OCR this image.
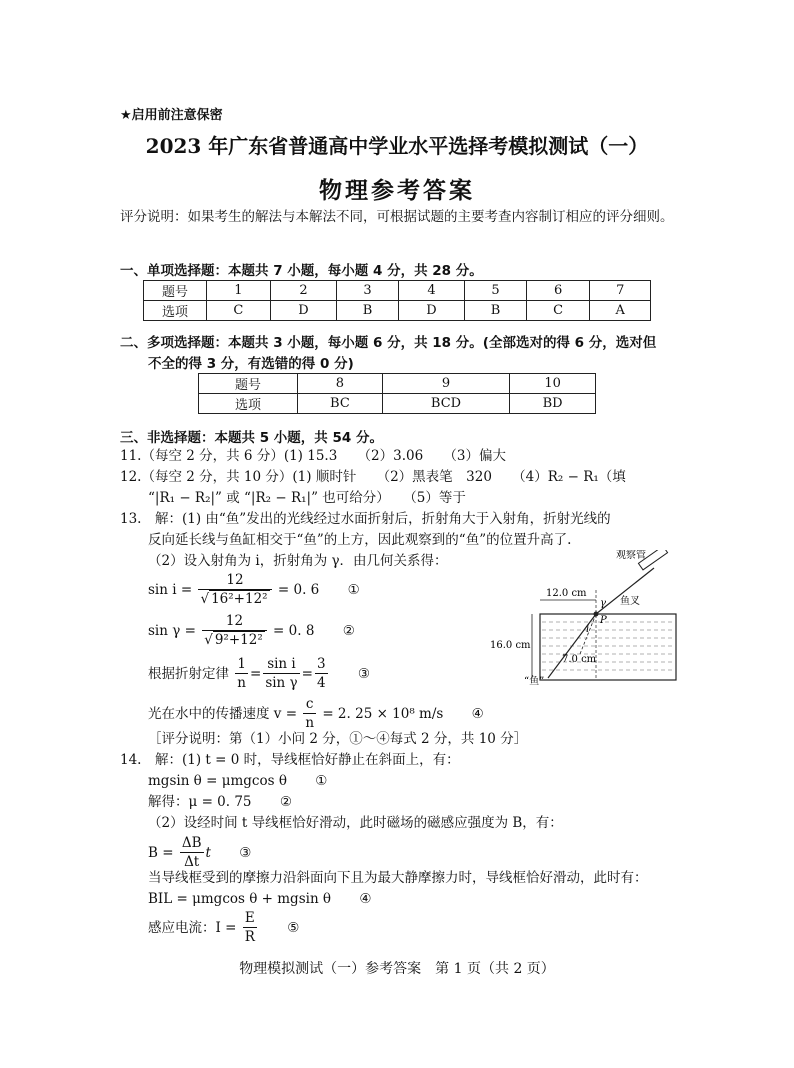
★启用前注意保密
2023 年广东省普通高中学业水平选择考模拟测试（一）
物理参考答案
评分说明：如果考生的解法与本解法不同，可根据试题的主要考查内容制订相应的评分细则。
一、单项选择题：本题共 7 小题，每小题 4 分，共 28 分。
题号	1	2	3	4	5	6	7
选项	C	D	B	D	B	C	A
二、多项选择题：本题共 3 小题，每小题 6 分，共 18 分。(全部选对的得 6 分，选对但
不全的得 3 分，有选错的得 0 分)
题号	8	9	10
选项	BC	BCD	BD
三、非选择题：本题共 5 小题，共 54 分。
11.（每空 2 分，共 6 分）(1) 15.3　　（2）3.06　　（3）偏大
12.（每空 2 分，共 10 分）(1) 顺时针　　（2）黑表笔　320　　（4）R₂ − R₁（填
“|R₁ − R₂|” 或 “|R₂ − R₁|” 也可给分）　　（5）等于
13.　解：(1) 由“鱼”发出的光线经过水面折射后，折射角大于入射角，折射光线的
反向延长线与鱼缸相交于“鱼”的上方，因此观察到的“鱼”的位置升高了.
（2）设入射角为 i，折射角为 γ．由几何关系得：
$\sin i = \frac{12}{\text{√ 16²+12²}} = 0$. 6 ①
$\sin \gamma = \frac{12}{\text{√ 9²+12²}} = 0$. 8 ②
根据折射定律 $\frac{1}{n} = \frac{\text{sin i}}{\text{sin γ}} = \frac{3}{4}$ ③
光在水中的传播速度 $v = \frac{c}{n} = 2$. 25 × 10⁸ m/s ④
［评分说明：第（1）小问 2 分，①～④每式 2 分，共 10 分］
14.　解：(1) t = 0 时，导线框恰好静止在斜面上，有：
mgsin θ = μmgcos θ ①
解得：μ = 0. 75 ②
（2）设经时间 t 导线框恰好滑动，此时磁场的磁感应强度为 B，有：
$B = \frac{\Delta B}{\Delta t}$ t ③
当导线框受到的摩擦力沿斜面向下且为最大静摩擦力时，导线框恰好滑动，此时有：
BIL = μmgcos θ + mgsin θ ④
感应电流：$I = \frac{E}{R}$ ⑤
观察管
鱼叉
12.0 cm
16.0 cm
7.0 cm
“鱼”
P
γ
i
物理模拟测试（一）参考答案　第 1 页（共 2 页）
